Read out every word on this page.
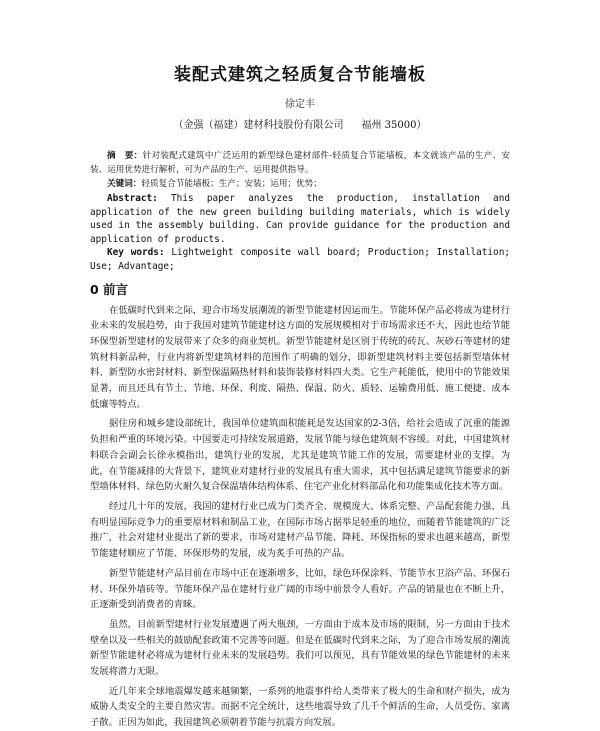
装配式建筑之轻质复合节能墙板
徐定丰
（金强（福建）建材科技股份有限公司 福州 35000）
摘　要：针对装配式建筑中广泛运用的新型绿色建材部件-轻质复合节能墙板，本文就该产品的生产、安装、运用优势进行解析，可为产品的生产、运用提供指导。
关键词：轻质复合节能墙板；生产；安装；运用；优势；
Abstract: This paper analyzes the production, installation and application of the new green building building materials, which is widely used in the assembly building. Can provide guidance for the production and application of products.
Key words: Lightweight composite wall board; Production; Installation; Use; Advantage;
0 前言

在低碳时代到来之际，迎合市场发展潮流的新型节能建材因运而生。节能环保产品必将成为建材行业未来的发展趋势，由于我国对建筑节能建材这方面的发展规模相对于市场需求还不大，因此也给节能环保型新型建材的发展带来了众多的商业契机。新型节能建材是区别于传统的砖瓦、灰砂石等建材的建筑材料新品种，行业内将新型建筑材料的范围作了明确的划分，即新型建筑材料主要包括新型墙体材料、新型防水密封材料、新型保温隔热材料和装饰装修材料四大类。它生产耗能低，使用中的节能效果显著，而且还具有节土、节地、环保、利废、隔热、保温、防火、质轻、运输费用低、施工便捷、成本低廉等特点。

据住房和城乡建设部统计，我国单位建筑面积能耗是发达国家的2-3倍，给社会造成了沉重的能源负担和严重的环境污染。中国要走可持续发展道路，发展节能与绿色建筑刻不容缓。对此，中国建筑材料联合会副会长徐永模指出，建筑行业的发展，尤其是建筑节能工作的发展，需要建材业的支撑。为此，在节能减排的大背景下，建筑业对建材行业的发展具有重大需求，其中包括满足建筑节能要求的新型墙体材料、绿色防火耐久复合保温墙体结构体系、住宅产业化材料部品化和功能集成化技术等方面。

经过几十年的发展，我国的建材行业已成为门类齐全、规模庞大、体系完整、产品配套能力强、具有明显国际竞争力的重要原材料和制品工业，在国际市场占据举足轻重的地位，而随着节能建筑的广泛推广，社会对建材业提出了新的要求，市场对建材产品节能、降耗、环保指标的要求也越来越高，新型节能建材顺应了节能、环保形势的发展，成为炙手可热的产品。

新型节能建材产品目前在市场中正在逐渐增多，比如，绿色环保涂料、节能节水卫浴产品、环保石材、环保外墙砖等。节能环保产品在建材行业广阔的市场中前景令人看好。产品的销量也在不断上升，正逐渐受到消费者的青睐。

虽然，目前新型建材行业发展遭遇了两大瓶颈，一方面由于成本及市场的限制，另一方面由于技术壁垒以及一些相关的鼓励配套政策不完善等问题。但是在低碳时代到来之际，为了迎合市场发展的潮流新型节能建材必将成为建材行业未来的发展趋势。我们可以预见，具有节能效果的绿色节能建材的未来发展将潜力无限。

近几年来全球地震爆发越来越频繁，一系列的地震事件给人类带来了极大的生命和财产损失，成为威胁人类安全的主要自然灾害。而据不完全统计，这些地震导致了几千个鲜活的生命，人员受伤、家离子散。正因为如此，我国建筑必须朝着节能与抗震方向发展。
